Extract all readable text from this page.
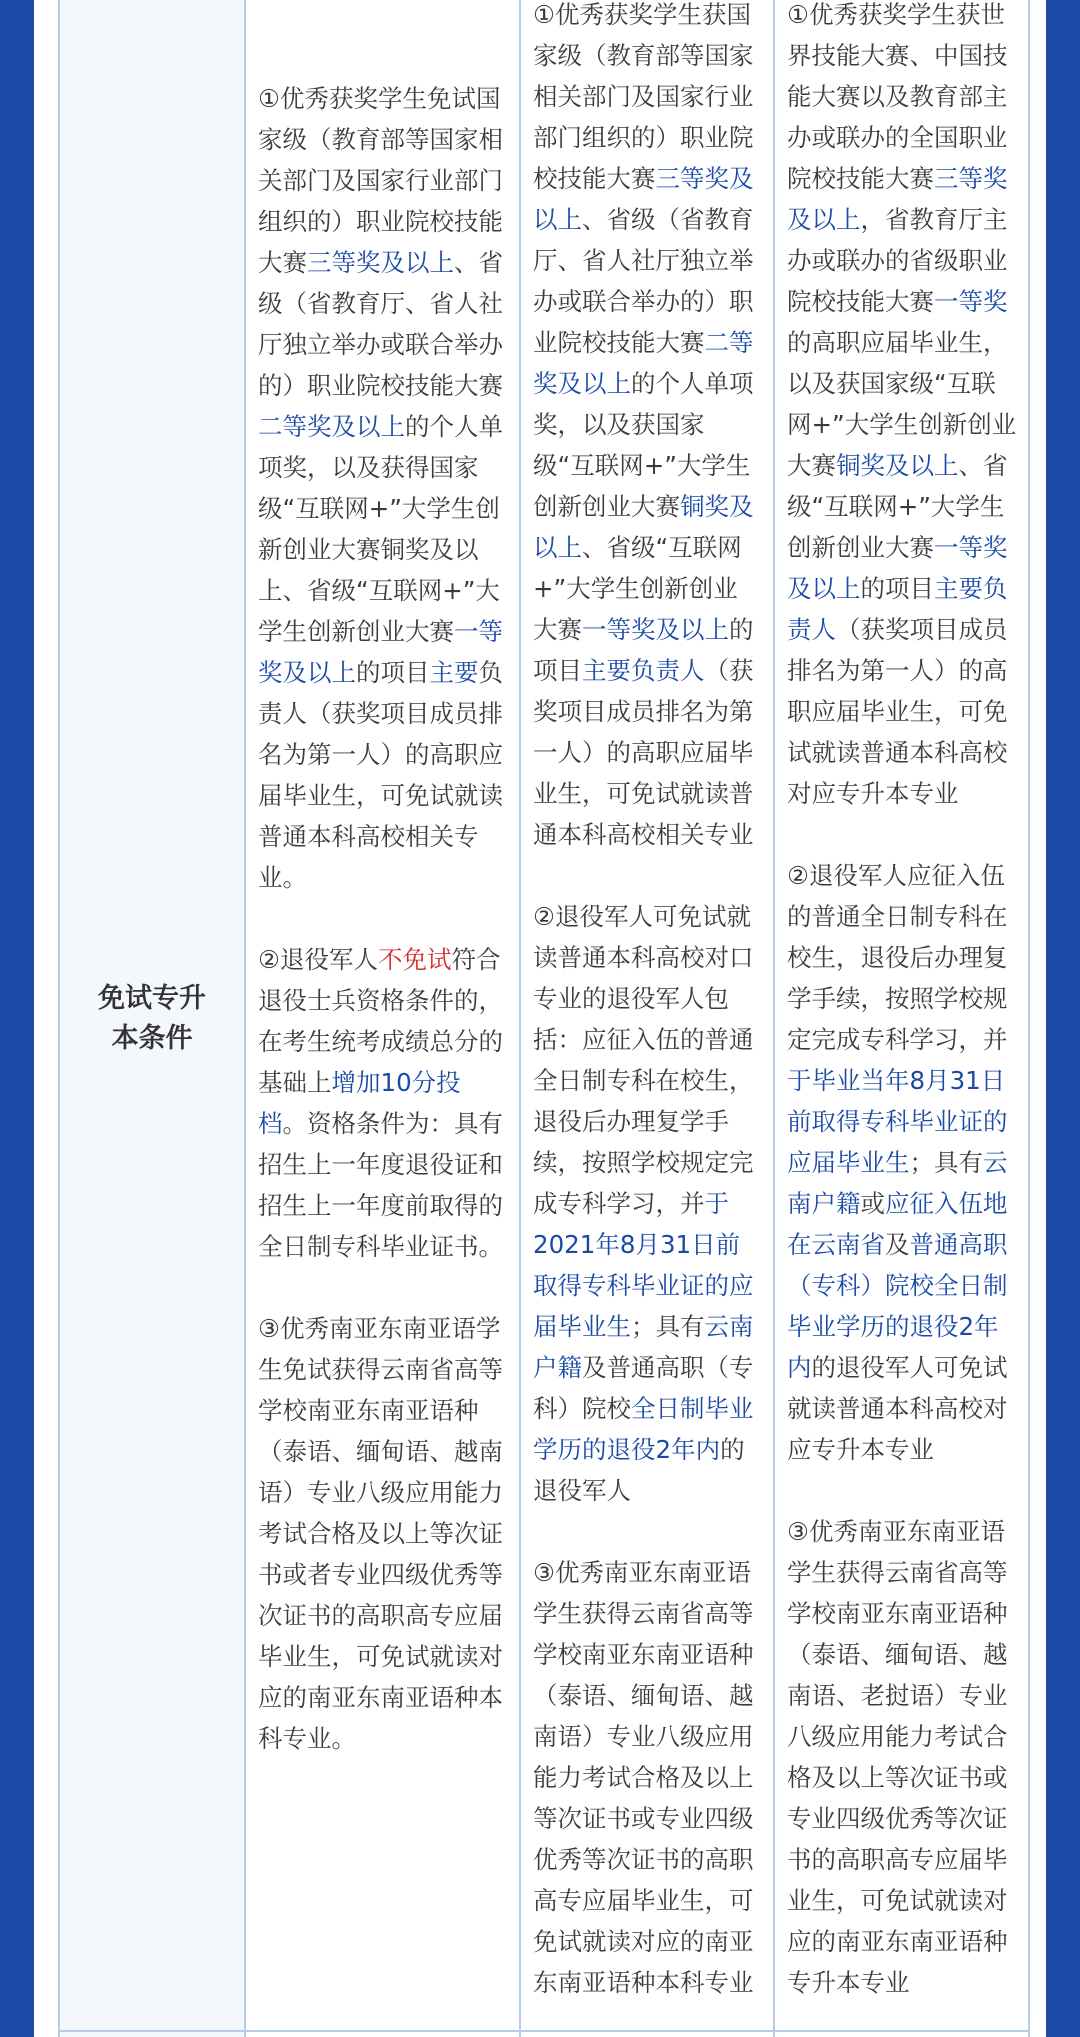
免试专升本条件

①优秀获奖学生免试国家级（教育部等国家相关部门及国家行业部门组织的）职业院校技能大赛三等奖及以上、省级（省教育厅、省人社厅独立举办或联合举办的）职业院校技能大赛二等奖及以上的个人单项奖，以及获得国家级“互联网+”大学生创新创业大赛铜奖及以上、省级“互联网+”大学生创新创业大赛一等奖及以上的项目主要负责人（获奖项目成员排名为第一人）的高职应届毕业生，可免试就读普通本科高校相关专业。

②退役军人不免试符合退役士兵资格条件的，在考生统考成绩总分的基础上增加10分投档。资格条件为：具有招生上一年度退役证和招生上一年度前取得的全日制专科毕业证书。

③优秀南亚东南亚语学生免试获得云南省高等学校南亚东南亚语种（泰语、缅甸语、越南语）专业八级应用能力考试合格及以上等次证书或者专业四级优秀等次证书的高职高专应届毕业生，可免试就读对应的南亚东南亚语种本科专业。

①优秀获奖学生获国家级（教育部等国家相关部门及国家行业部门组织的）职业院校技能大赛三等奖及以上、省级（省教育厅、省人社厅独立举办或联合举办的）职业院校技能大赛二等奖及以上的个人单项奖，以及获国家级“互联网+”大学生创新创业大赛铜奖及以上、省级“互联网+”大学生创新创业大赛一等奖及以上的项目主要负责人（获奖项目成员排名为第一人）的高职应届毕业生，可免试就读普通本科高校相关专业

②退役军人可免试就读普通本科高校对口专业的退役军人包括：应征入伍的普通全日制专科在校生，退役后办理复学手续，按照学校规定完成专科学习，并于2021年8月31日前取得专科毕业证的应届毕业生；具有云南户籍及普通高职（专科）院校全日制毕业学历的退役2年内的退役军人

③优秀南亚东南亚语学生获得云南省高等学校南亚东南亚语种（泰语、缅甸语、越南语）专业八级应用能力考试合格及以上等次证书或专业四级优秀等次证书的高职高专应届毕业生，可免试就读对应的南亚东南亚语种本科专业

①优秀获奖学生获世界技能大赛、中国技能大赛以及教育部主办或联办的全国职业院校技能大赛三等奖及以上，省教育厅主办或联办的省级职业院校技能大赛一等奖的高职应届毕业生，以及获国家级“互联网+”大学生创新创业大赛铜奖及以上、省级“互联网+”大学生创新创业大赛一等奖及以上的项目主要负责人（获奖项目成员排名为第一人）的高职应届毕业生，可免试就读普通本科高校对应专升本专业

②退役军人应征入伍的普通全日制专科在校生，退役后办理复学手续，按照学校规定完成专科学习，并于毕业当年8月31日前取得专科毕业证的应届毕业生；具有云南户籍或应征入伍地在云南省及普通高职（专科）院校全日制毕业学历的退役2年内的退役军人可免试就读普通本科高校对应专升本专业

③优秀南亚东南亚语学生获得云南省高等学校南亚东南亚语种（泰语、缅甸语、越南语、老挝语）专业八级应用能力考试合格及以上等次证书或专业四级优秀等次证书的高职高专应届毕业生，可免试就读对应的南亚东南亚语种专升本专业
